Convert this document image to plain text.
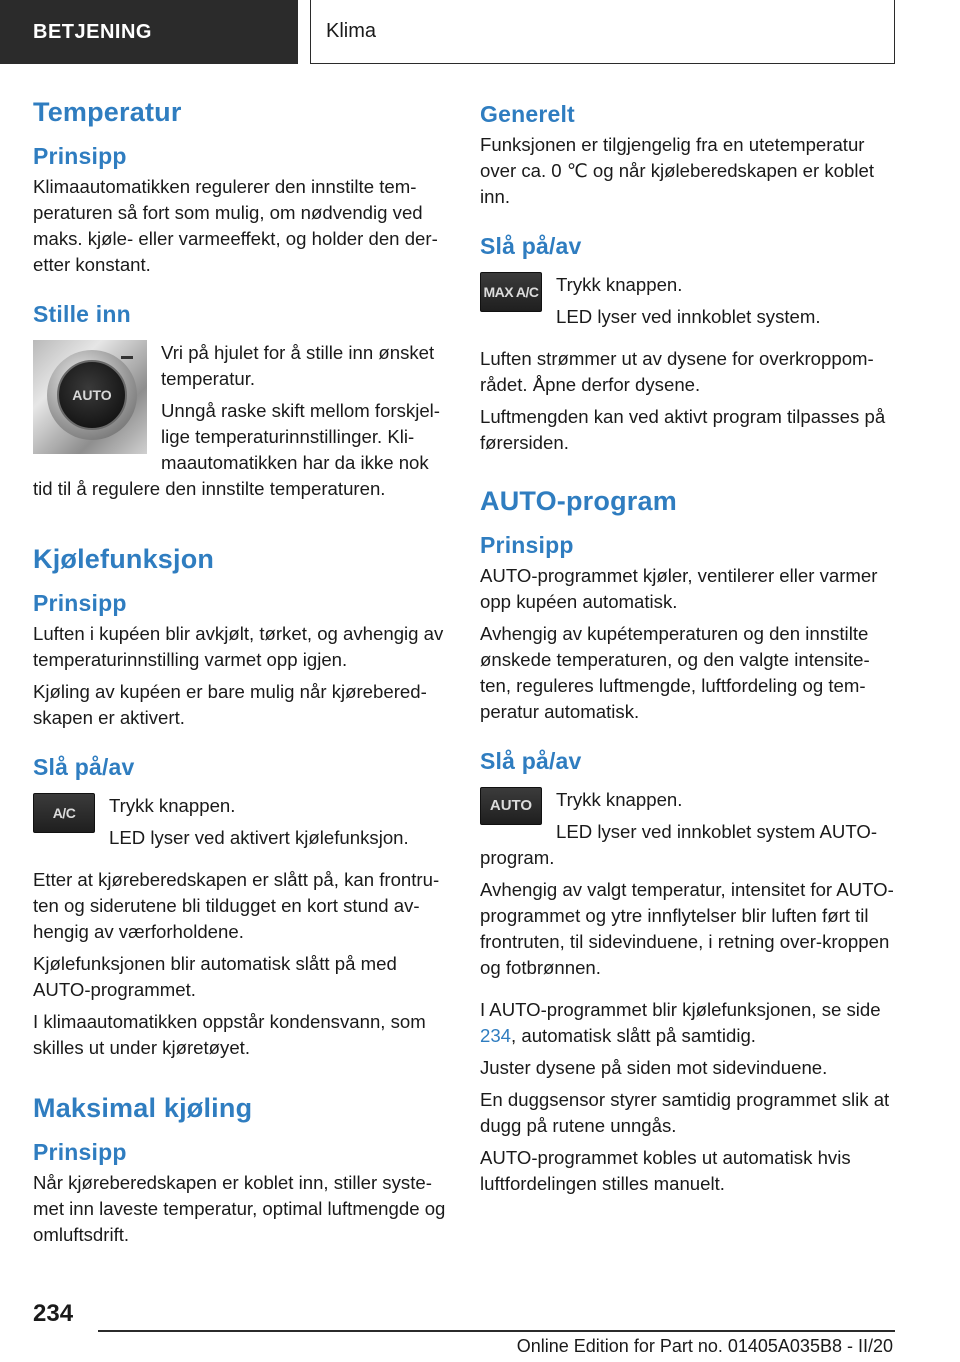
BETJENING	Klima
Temperatur
Prinsipp

Klimaautomatikken regulerer den innstilte tem-peraturen så fort som mulig, om nødvendig ved maks. kjøle- eller varmeeffekt, og holder den der-etter konstant.

Stille inn
AUTO

Vri på hjulet for å stille inn ønsket temperatur.

Unngå raske skift mellom forskjel-lige temperaturinnstillinger. Kli-maautomatikken har da ikke nok

tid til å regulere den innstilte temperaturen.

Kjølefunksjon
Prinsipp

Luften i kupéen blir avkjølt, tørket, og avhengig av temperaturinnstilling varmet opp igjen.

Kjøling av kupéen er bare mulig når kjørebered-skapen er aktivert.

Slå på/av
A/C Trykk knappen.

LED lyser ved aktivert kjølefunksjon.

Etter at kjøreberedskapen er slått på, kan frontru-ten og siderutene bli tildugget en kort stund av-hengig av værforholdene.

Kjølefunksjonen blir automatisk slått på med AUTO-programmet.

I klimaautomatikken oppstår kondensvann, som skilles ut under kjøretøyet.

Maksimal kjøling
Prinsipp

Når kjøreberedskapen er koblet inn, stiller syste-met inn laveste temperatur, optimal luftmengde og omluftsdrift.

Generelt

Funksjonen er tilgjengelig fra en utetemperatur over ca. 0 ℃ og når kjøleberedskapen er koblet inn.

Slå på/av
MAX A/C Trykk knappen.

LED lyser ved innkoblet system.

Luften strømmer ut av dysene for overkroppom-rådet. Åpne derfor dysene.

Luftmengden kan ved aktivt program tilpasses på førersiden.

AUTO-program
Prinsipp

AUTO-programmet kjøler, ventilerer eller varmer opp kupéen automatisk.

Avhengig av kupétemperaturen og den innstilte ønskede temperaturen, og den valgte intensite-ten, reguleres luftmengde, luftfordeling og tem-peratur automatisk.

Slå på/av
AUTO Trykk knappen.

LED lyser ved innkoblet system AUTO-

program.

Avhengig av valgt temperatur, intensitet for AUTO-programmet og ytre innflytelser blir luften ført til frontruten, til sidevinduene, i retning over-kroppen og fotbrønnen.

I AUTO-programmet blir kjølefunksjonen, se side 234, automatisk slått på samtidig.

Juster dysene på siden mot sidevinduene.

En duggsensor styrer samtidig programmet slik at dugg på rutene unngås.

AUTO-programmet kobles ut automatisk hvis luftfordelingen stilles manuelt.

234
Online Edition for Part no. 01405A035B8 - II/20
